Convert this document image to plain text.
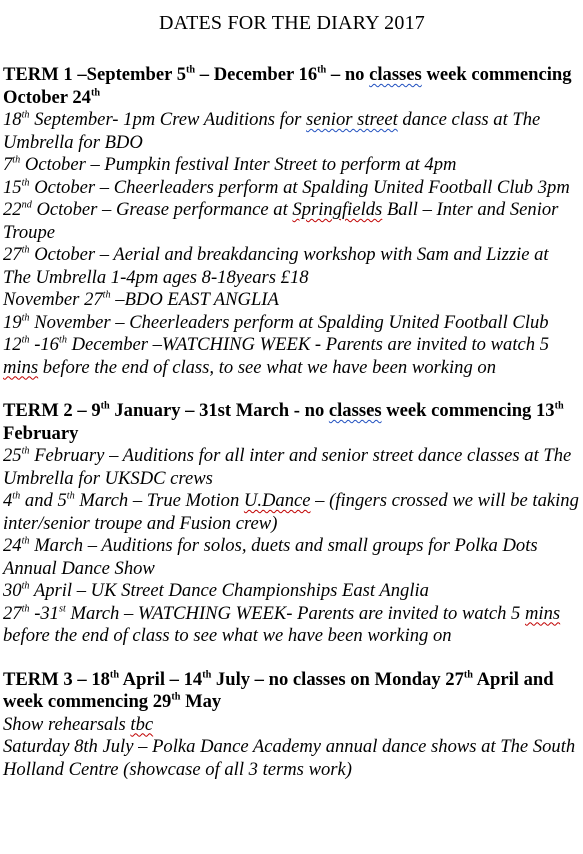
DATES FOR THE DIARY 2017
TERM 1 –September 5th – December 16th – no classes week commencing October 24th
18th September- 1pm Crew Auditions for senior street dance class at The Umbrella for BDO
7th October – Pumpkin festival Inter Street to perform at 4pm
15th October – Cheerleaders perform at Spalding United Football Club 3pm
22nd October – Grease performance at Springfields Ball – Inter and Senior Troupe
27th October – Aerial and breakdancing workshop with Sam and Lizzie at The Umbrella 1-4pm ages 8-18years £18
November 27th –BDO EAST ANGLIA
19th November – Cheerleaders perform at Spalding United Football Club
12th -16th December –WATCHING WEEK - Parents are invited to watch 5 mins before the end of class, to see what we have been working on
TERM 2 – 9th January – 31st March - no classes week commencing 13th February
25th February – Auditions for all inter and senior street dance classes at The Umbrella for UKSDC crews
4th and 5th March – True Motion U.Dance – (fingers crossed we will be taking inter/senior troupe and Fusion crew)
24th March – Auditions for solos, duets and small groups for Polka Dots Annual Dance Show
30th April – UK Street Dance Championships East Anglia
27th -31st March – WATCHING WEEK- Parents are invited to watch 5 mins before the end of class to see what we have been working on
TERM 3 – 18th April – 14th July – no classes on Monday 27th April and week commencing 29th May
Show rehearsals tbc
Saturday 8th July – Polka Dance Academy annual dance shows at The South Holland Centre (showcase of all 3 terms work)
